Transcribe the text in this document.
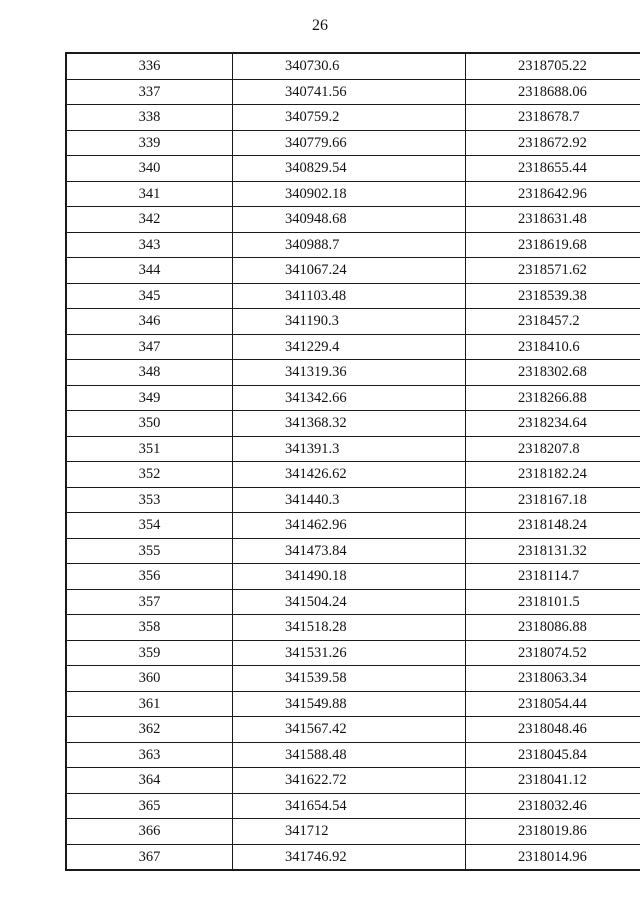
26
336	340730.6	2318705.22
337	340741.56	2318688.06
338	340759.2	2318678.7
339	340779.66	2318672.92
340	340829.54	2318655.44
341	340902.18	2318642.96
342	340948.68	2318631.48
343	340988.7	2318619.68
344	341067.24	2318571.62
345	341103.48	2318539.38
346	341190.3	2318457.2
347	341229.4	2318410.6
348	341319.36	2318302.68
349	341342.66	2318266.88
350	341368.32	2318234.64
351	341391.3	2318207.8
352	341426.62	2318182.24
353	341440.3	2318167.18
354	341462.96	2318148.24
355	341473.84	2318131.32
356	341490.18	2318114.7
357	341504.24	2318101.5
358	341518.28	2318086.88
359	341531.26	2318074.52
360	341539.58	2318063.34
361	341549.88	2318054.44
362	341567.42	2318048.46
363	341588.48	2318045.84
364	341622.72	2318041.12
365	341654.54	2318032.46
366	341712	2318019.86
367	341746.92	2318014.96
